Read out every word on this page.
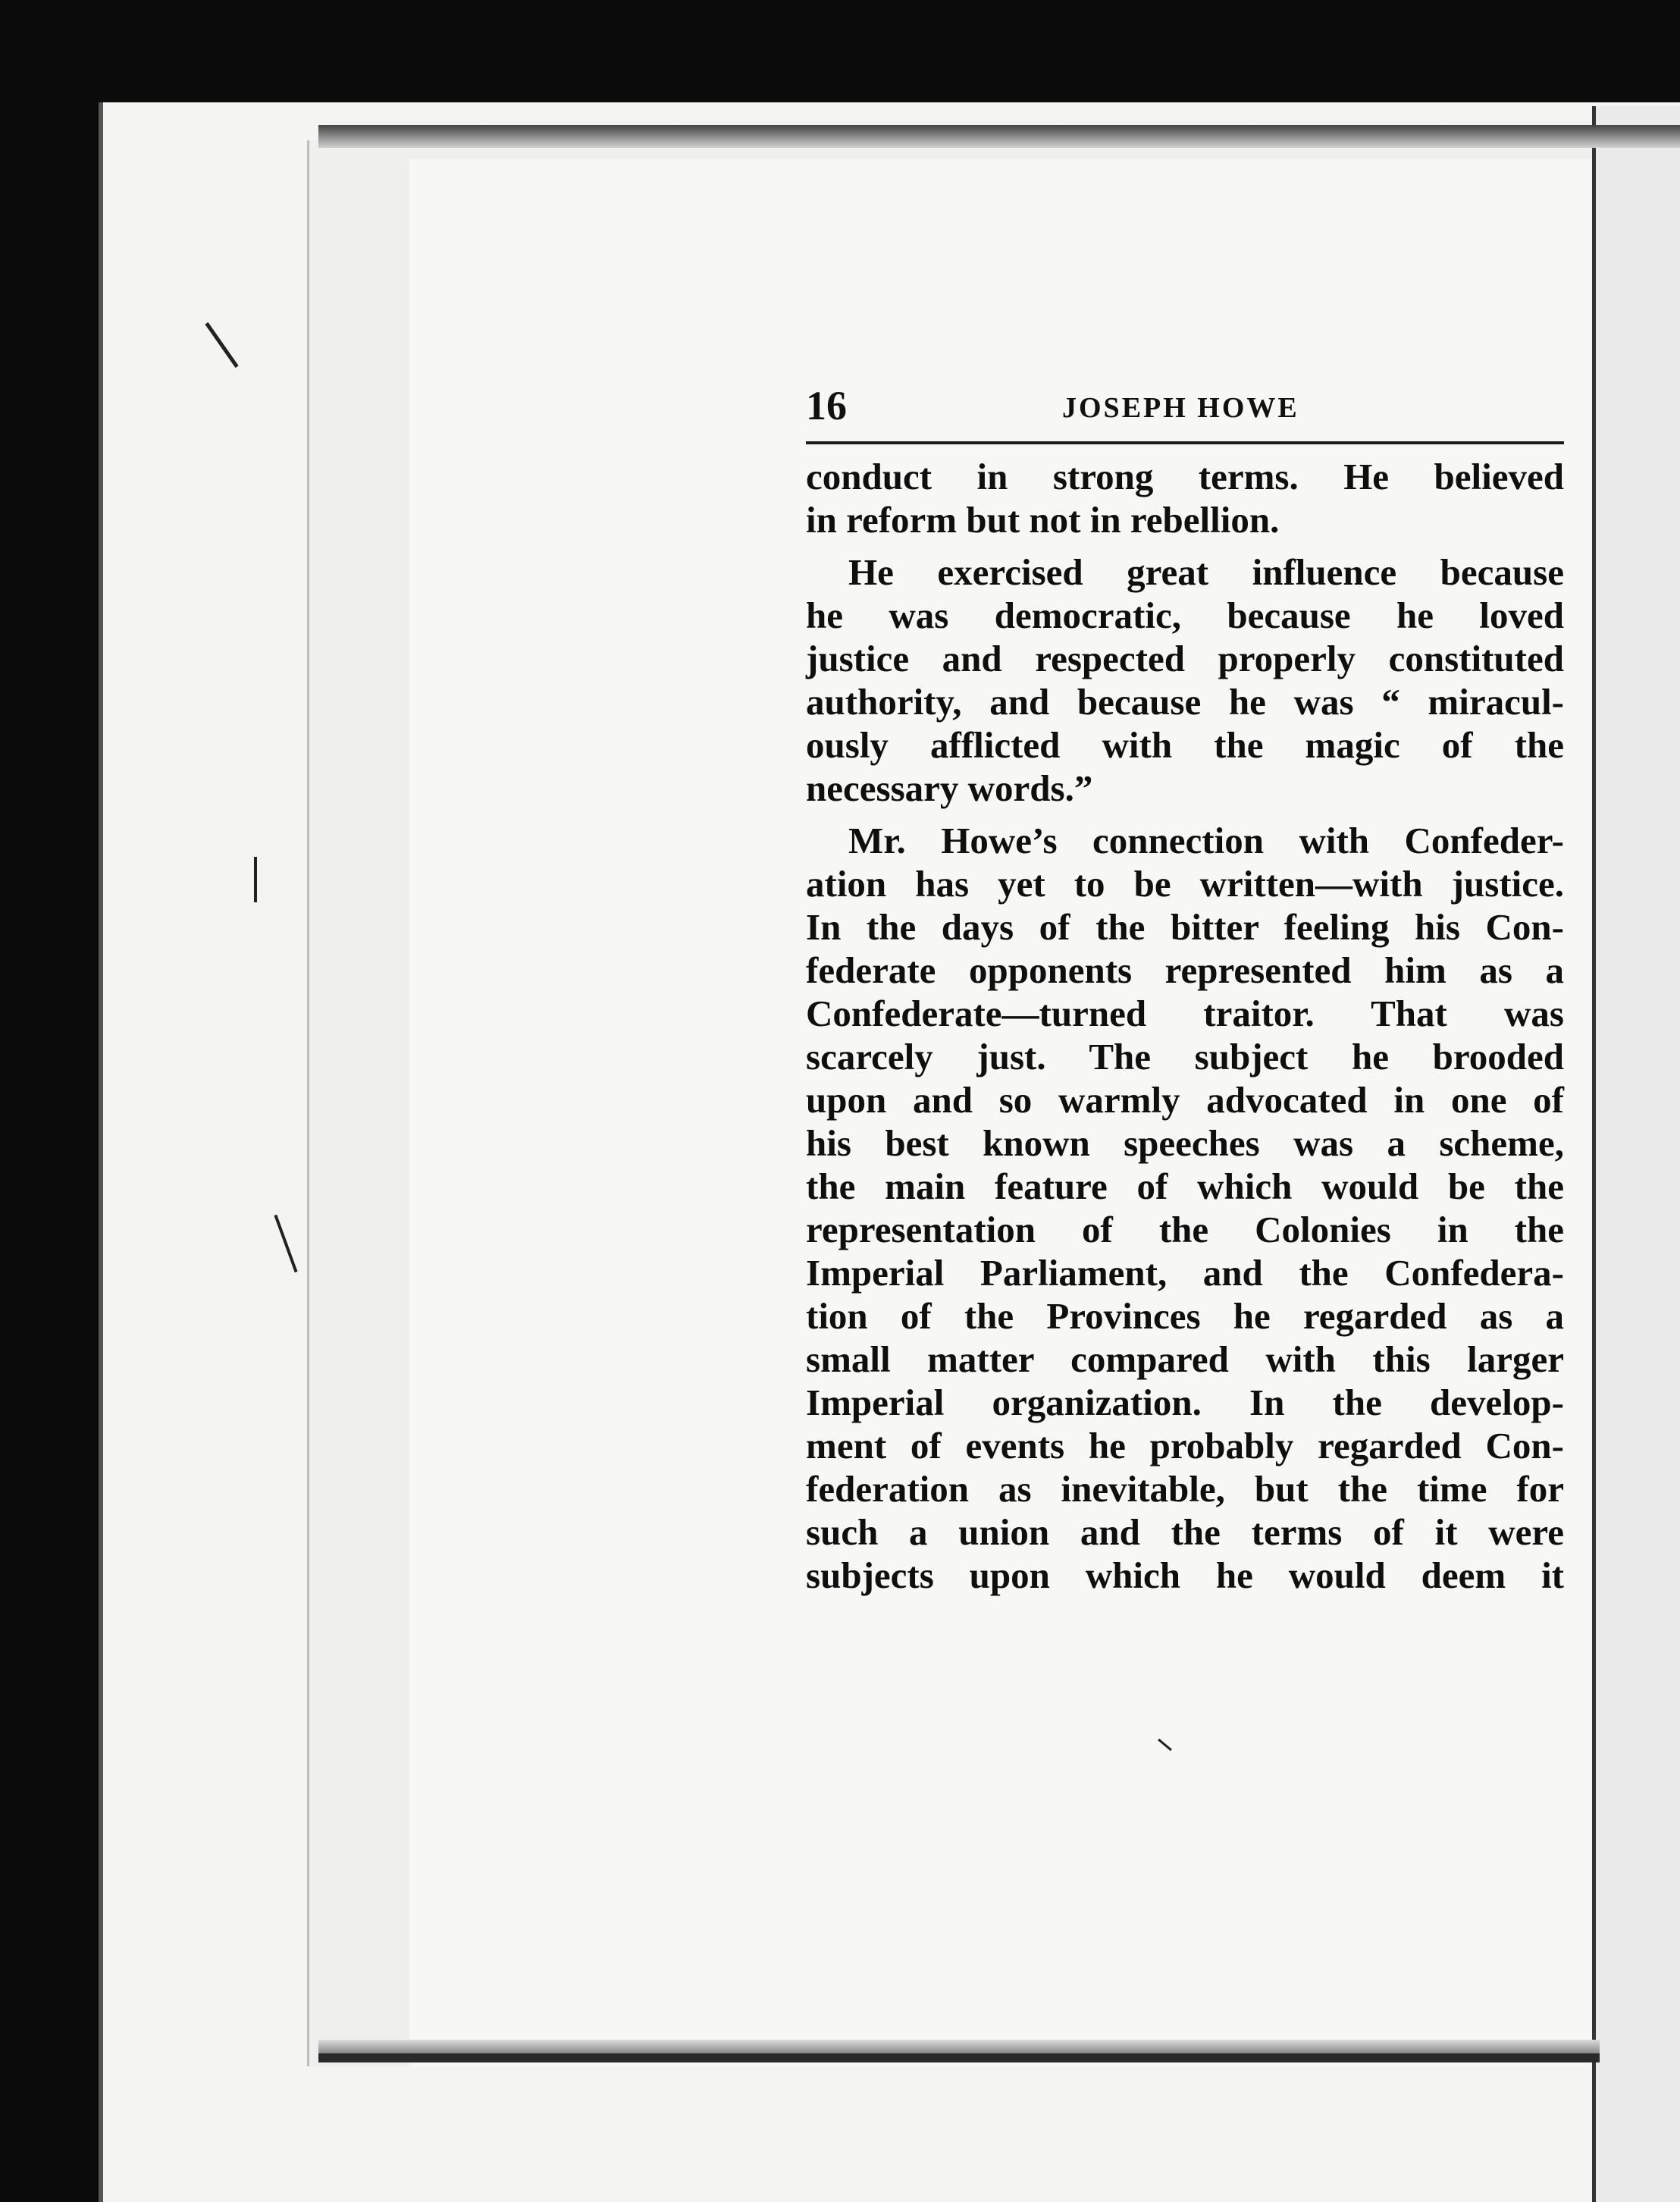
16	JOSEPH HOWE
conduct in strong terms. He believed
in reform but not in rebellion.
He exercised great influence because
he was democratic, because he loved
justice and respected properly constituted
authority, and because he was “ miracul-
ously afflicted with the magic of the
necessary words.”
Mr. Howe’s connection with Confeder-
ation has yet to be written—with justice.
In the days of the bitter feeling his Con-
federate opponents represented him as a
Confederate—turned traitor. That was
scarcely just. The subject he brooded
upon and so warmly advocated in one of
his best known speeches was a scheme,
the main feature of which would be the
representation of the Colonies in the
Imperial Parliament, and the Confedera-
tion of the Provinces he regarded as a
small matter compared with this larger
Imperial organization. In the develop-
ment of events he probably regarded Con-
federation as inevitable, but the time for
such a union and the terms of it were
subjects upon which he would deem it
